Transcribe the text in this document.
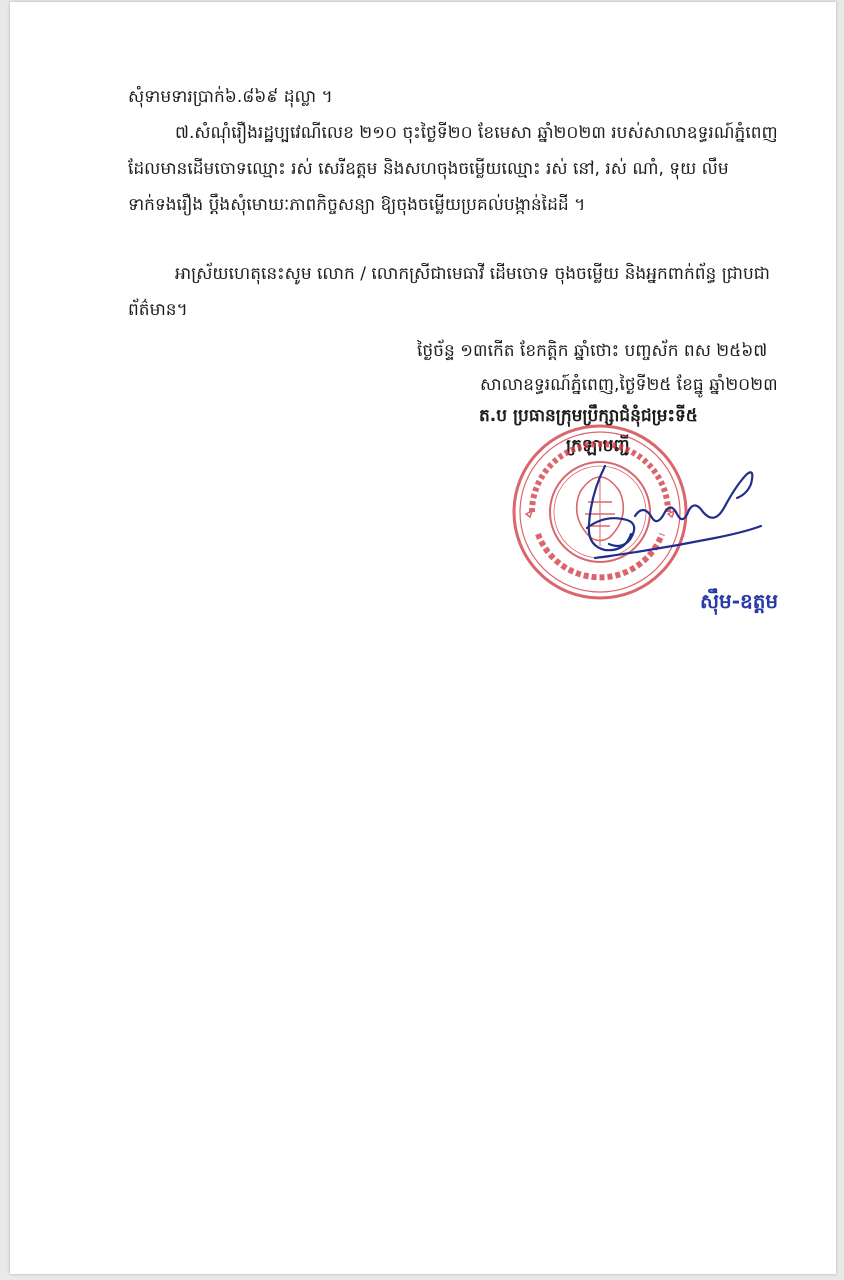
សុំទាមទារប្រាក់៦.៨៦៩ ដុល្លា ។
៧.សំណុំរឿងរដ្ឋប្បវេណីលេខ ២១០ ចុះថ្ងៃទី២០ ខែមេសា ឆ្នាំ២០២៣ របស់សាលាឧទ្ធរណ៍ភ្នំពេញ
ដែលមានដើមចោទឈ្មោះ រស់ សេរីឧត្តម និងសហចុងចម្លើយឈ្មោះ រស់ នៅ, រស់ ណាំ, ទុយ លឹម
ទាក់ទងរឿង ប្តឹងសុំមោឃៈភាពកិច្ចសន្យា ឱ្យចុងចម្លើយប្រគល់បង្កាន់ដៃដី ។
អាស្រ័យហេតុនេះសូម លោក / លោកស្រីជាមេធាវី ដើមចោទ ចុងចម្លើយ និងអ្នកពាក់ព័ន្ធ ជ្រាបជា
ព័ត៌មាន។
ថ្ងៃច័ន្ទ ១៣កើត ខែកត្តិក ឆ្នាំថោះ បញ្ចស័ក ពស ២៥៦៧
សាលាឧទ្ធរណ៍ភ្នំពេញ,ថ្ងៃទី២៥ ខែធ្នូ ឆ្នាំ២០២៣
ត.ប ប្រធានក្រុមប្រឹក្សាជំនុំជម្រះទី៥
ក្រឡាបញ្ជី
ស៊ឹម-ឧត្តម
